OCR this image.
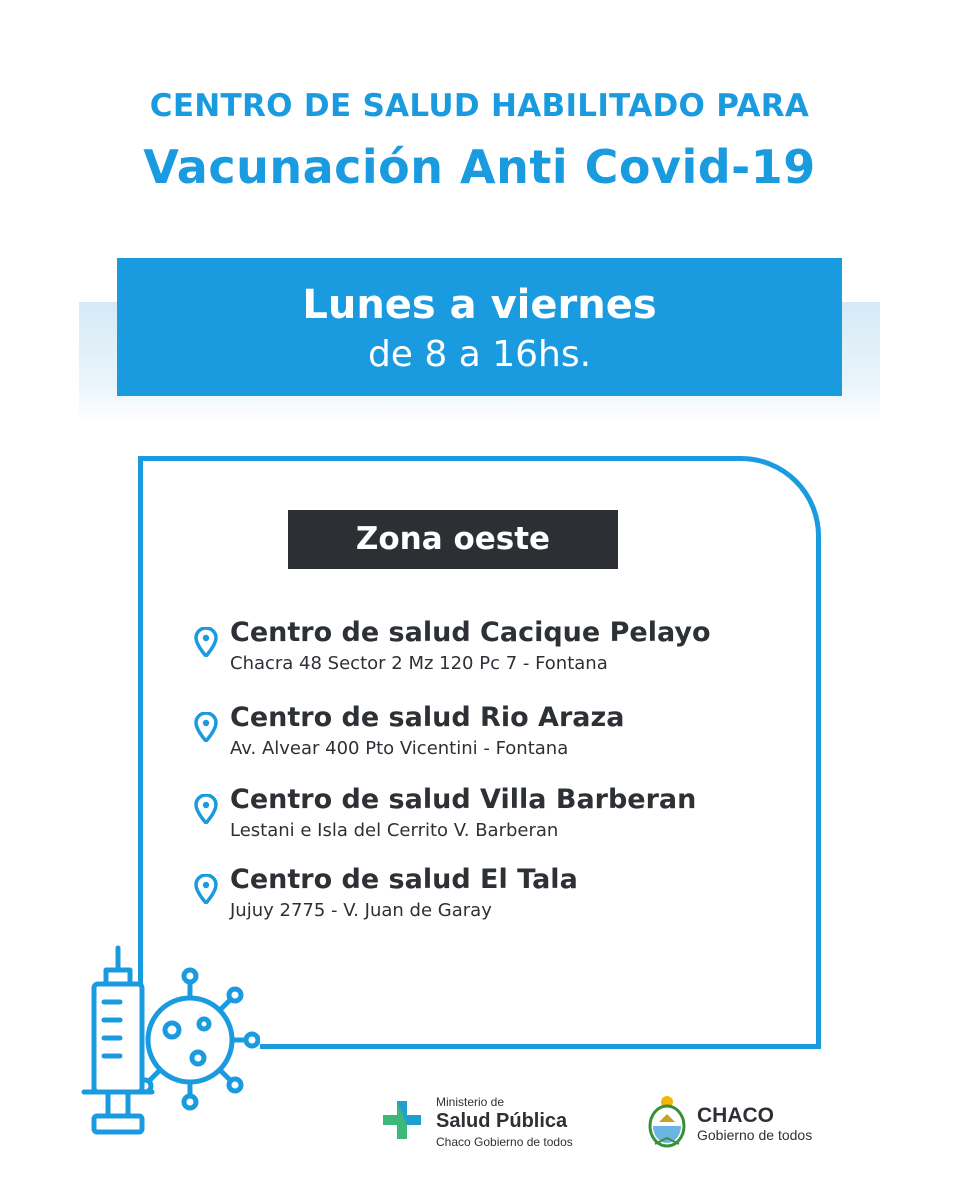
CENTRO DE SALUD HABILITADO PARA
Vacunación Anti Covid-19
Lunes a viernes
de 8 a 16hs.
Zona oeste
Centro de salud Cacique Pelayo
Chacra 48 Sector 2 Mz 120 Pc 7 - Fontana
Centro de salud Rio Araza
Av. Alvear 400 Pto Vicentini - Fontana
Centro de salud Villa Barberan
Lestani e Isla del Cerrito V. Barberan
Centro de salud El Tala
Jujuy 2775 - V. Juan de Garay
Ministerio de
Salud Pública
Chaco Gobierno de todos
CHACO
Gobierno de todos
